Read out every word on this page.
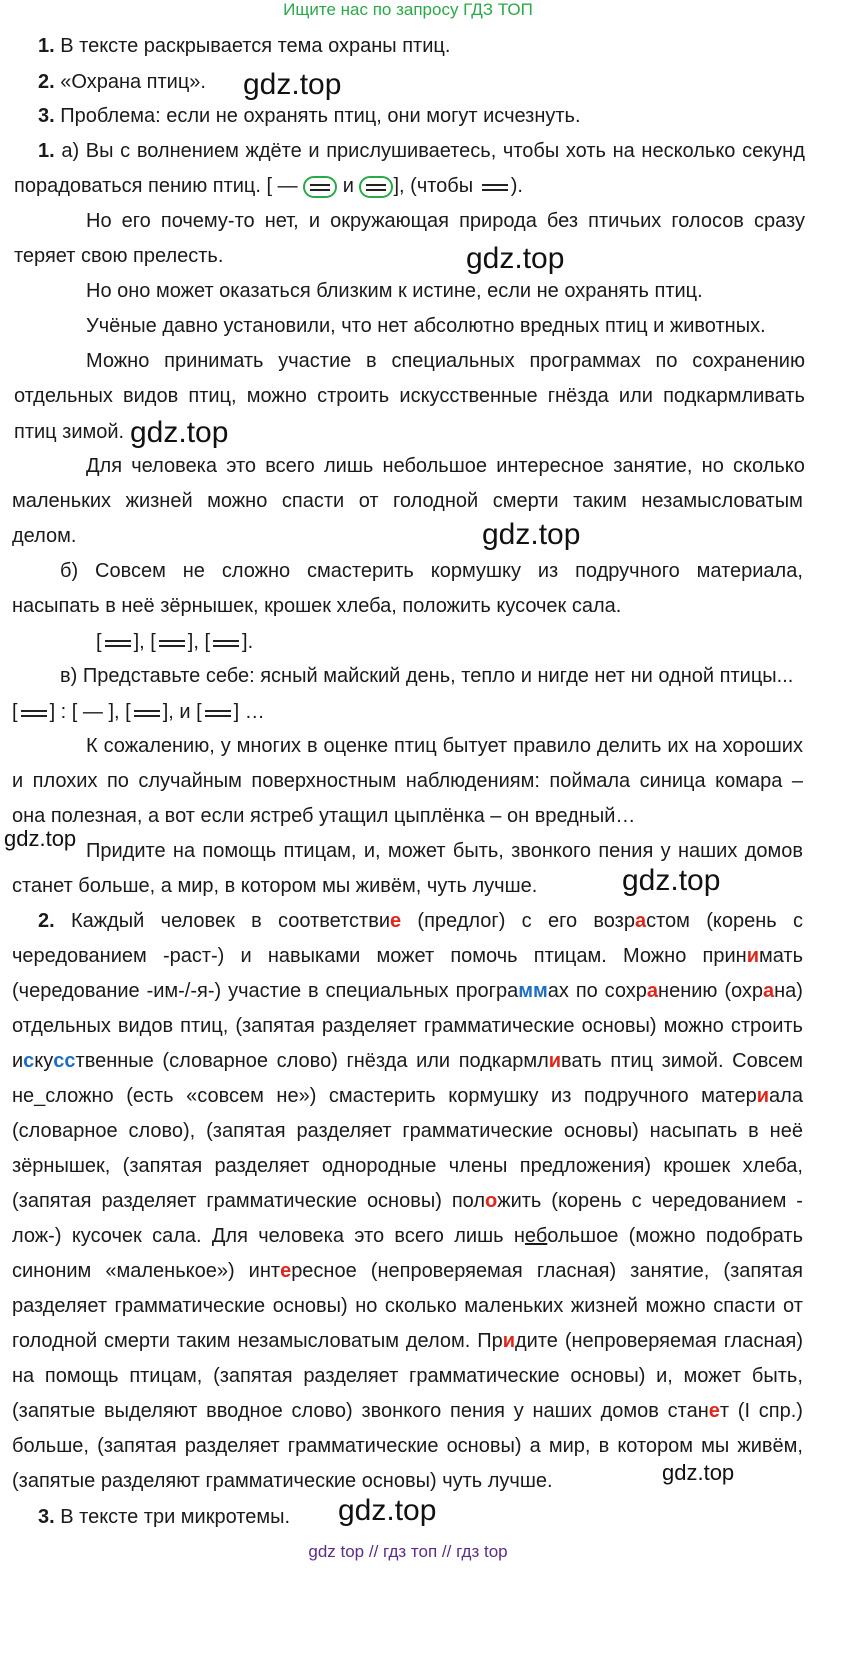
Ищите нас по запросу ГДЗ ТОП
1. В тексте раскрывается тема охраны птиц.
2. «Охрана птиц». gdz.top
3. Проблема: если не охранять птиц, они могут исчезнуть.
1. а) Вы с волнением ждёте и прислушиваетесь, чтобы хоть на несколько секунд
порадоваться пению птиц. [ — и ], (чтобы ).
Но его почему-то нет, и окружающая природа без птичьих голосов сразу
теряет свою прелесть.	gdz.top
Но оно может оказаться близким к истине, если не охранять птиц.
Учёные давно установили, что нет абсолютно вредных птиц и животных.
Можно принимать участие в специальных программах по сохранению
отдельных видов птиц, можно строить искусственные гнёзда или подкармливать
птиц зимой. gdz.top
Для человека это всего лишь небольшое интересное занятие, но сколько
маленьких жизней можно спасти от голодной смерти таким незамысловатым
делом.	gdz.top
б) Совсем не сложно смастерить кормушку из подручного материала,
насыпать в неё зёрнышек, крошек хлеба, положить кусочек сала.
[ ], [ ], [ ].
в) Представьте себе: ясный майский день, тепло и нигде нет ни одной птицы...
[ ] : [ — ], [ ], и [ ] …
К сожалению, у многих в оценке птиц бытует правило делить их на хороших
и плохих по случайным поверхностным наблюдениям: поймала синица комара –
она полезная, а вот если ястреб утащил цыплёнка – он вредный…
gdz.top Придите на помощь птицам, и, может быть, звонкого пения у наших домов
станет больше, а мир, в котором мы живём, чуть лучше.	gdz.top
2. Каждый человек в соответствие (предлог) с его возрастом (корень с
чередованием -раст-) и навыками может помочь птицам. Можно принимать
(чередование -им-/-я-) участие в специальных программах по сохранению (охрана)
отдельных видов птиц, (запятая разделяет грамматические основы) можно строить
искусственные (словарное слово) гнёзда или подкармливать птиц зимой. Совсем
не_сложно (есть «совсем не») смастерить кормушку из подручного материала
(словарное слово), (запятая разделяет грамматические основы) насыпать в неё
зёрнышек, (запятая разделяет однородные члены предложения) крошек хлеба,
(запятая разделяет грамматические основы) положить (корень с чередованием -
лож-) кусочек сала. Для человека это всего лишь небольшое (можно подобрать
синоним «маленькое») интересное (непроверяемая гласная) занятие, (запятая
разделяет грамматические основы) но сколько маленьких жизней можно спасти от
голодной смерти таким незамысловатым делом. Придите (непроверяемая гласная)
на помощь птицам, (запятая разделяет грамматические основы) и, может быть,
(запятые выделяют вводное слово) звонкого пения у наших домов станет (I спр.)
больше, (запятая разделяет грамматические основы) а мир, в котором мы живём,
(запятые разделяют грамматические основы) чуть лучше.	gdz.top
3. В тексте три микротемы. gdz.top
gdz top // гдз топ // гдз top
